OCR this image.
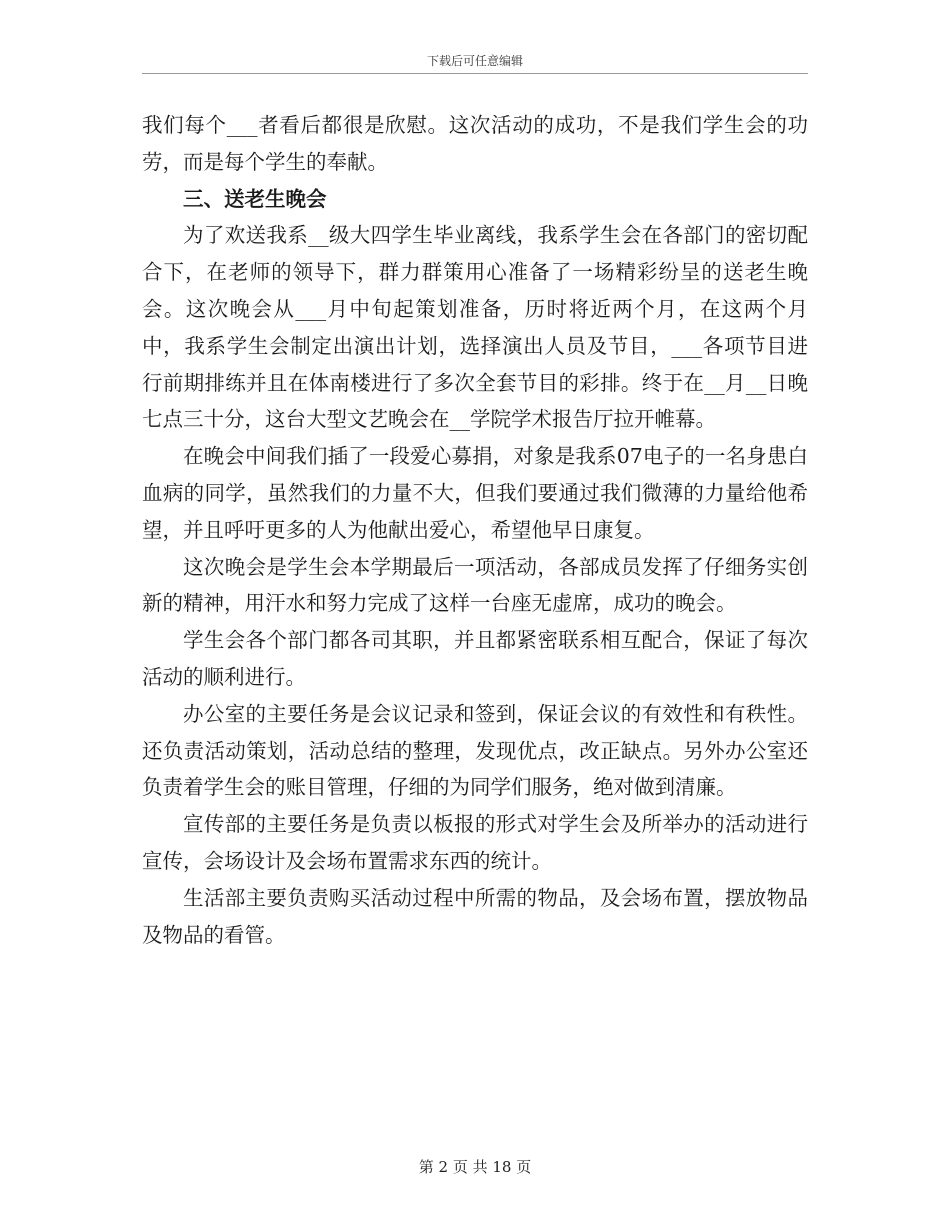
下载后可任意编辑

我们每个___者看后都很是欣慰。这次活动的成功，不是我们学生会的功劳，而是每个学生的奉献。

三、送老生晚会

为了欢送我系__级大四学生毕业离线，我系学生会在各部门的密切配合下，在老师的领导下，群力群策用心准备了一场精彩纷呈的送老生晚会。这次晚会从___月中旬起策划准备，历时将近两个月，在这两个月中，我系学生会制定出演出计划，选择演出人员及节目，___各项节目进行前期排练并且在体南楼进行了多次全套节目的彩排。终于在__月__日晚七点三十分，这台大型文艺晚会在__学院学术报告厅拉开帷幕。

在晚会中间我们插了一段爱心募捐，对象是我系07电子的一名身患白血病的同学，虽然我们的力量不大，但我们要通过我们微薄的力量给他希望，并且呼吁更多的人为他献出爱心，希望他早日康复。

这次晚会是学生会本学期最后一项活动，各部成员发挥了仔细务实创新的精神，用汗水和努力完成了这样一台座无虚席，成功的晚会。

学生会各个部门都各司其职，并且都紧密联系相互配合，保证了每次活动的顺利进行。

办公室的主要任务是会议记录和签到，保证会议的有效性和有秩性。还负责活动策划，活动总结的整理，发现优点，改正缺点。另外办公室还负责着学生会的账目管理，仔细的为同学们服务，绝对做到清廉。

宣传部的主要任务是负责以板报的形式对学生会及所举办的活动进行宣传，会场设计及会场布置需求东西的统计。

生活部主要负责购买活动过程中所需的物品，及会场布置，摆放物品及物品的看管。

第 2 页 共 18 页
